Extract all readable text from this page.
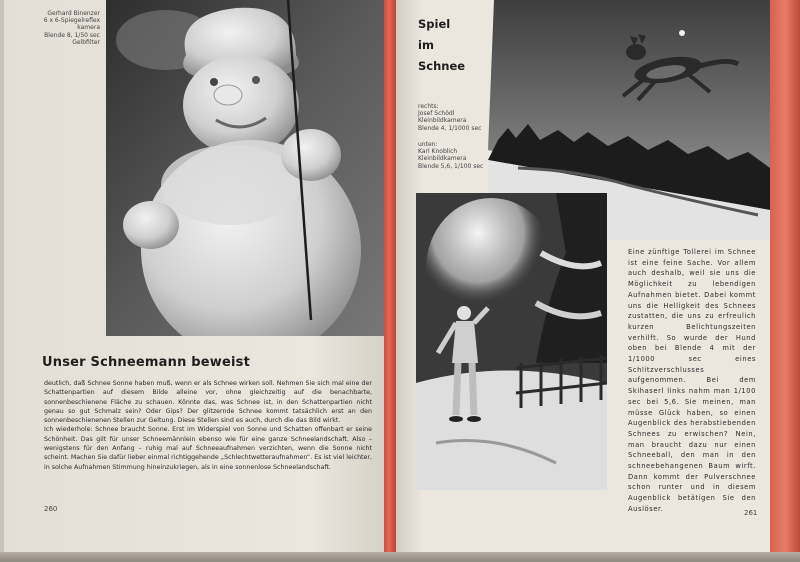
Gerhard Binenzer
6 x 6-Spiegelreflex
kamera
Blende 8, 1/50 sec
Gelbfilter
Unser Schneemann beweist

deutlich, daß Schnee Sonne haben muß, wenn er als Schnee wirken soll. Nehmen Sie sich mal eine der Schattenpartien auf diesem Bilde alleine vor, ohne gleichzeitig auf die benachbarte, sonnenbeschienene Fläche zu schauen. Könnte das, was Schnee ist, in den Schattenpartien nicht genau so gut Schmalz sein? Oder Gips? Der glitzernde Schnee kommt tatsächlich erst an den sonnenbeschienenen Stellen zur Geltung. Diese Stellen sind es auch, durch die das Bild wirkt.

Ich wiederhole: Schnee braucht Sonne. Erst im Widerspiel von Sonne und Schatten offenbart er seine Schönheit. Das gilt für unser Schneemännlein ebenso wie für eine ganze Schneelandschaft. Also – wenigstens für den Anfang – ruhig mal auf Schneeaufnahmen verzichten, wenn die Sonne nicht scheint. Machen Sie dafür lieber einmal richtiggehende „Schlechtwetteraufnahmen“. Es ist viel leichter, in solche Aufnahmen Stimmung hineinzukriegen, als in eine sonnenlose Schneelandschaft.

260
Spiel
im
Schnee
rechts:
Josef Schödl
Kleinbildkamera
Blende 4, 1/1000 sec
unten:
Karl Knoblich
Kleinbildkamera
Blende 5,6, 1/100 sec
Eine zünftige Tollerei im Schnee ist eine feine Sache. Vor allem auch deshalb, weil sie uns die Möglichkeit zu lebendigen Aufnahmen bietet. Dabei kommt uns die Helligkeit des Schnees zustatten, die uns zu erfreulich kurzen Belichtungszeiten verhilft. So wurde der Hund oben bei Blende 4 mit der 1/1000 sec eines Schlitzverschlusses aufgenommen. Bei dem Skihaserl links nahm man 1/100 sec bei 5,6. Sie meinen, man müsse Glück haben, so einen Augenblick des herabstiebenden Schnees zu erwischen? Nein, man braucht dazu nur einen Schneeball, den man in den schneebehangenen Baum wirft. Dann kommt der Pulverschnee schon runter und in diesem Augenblick betätigen Sie den Auslöser.
261
